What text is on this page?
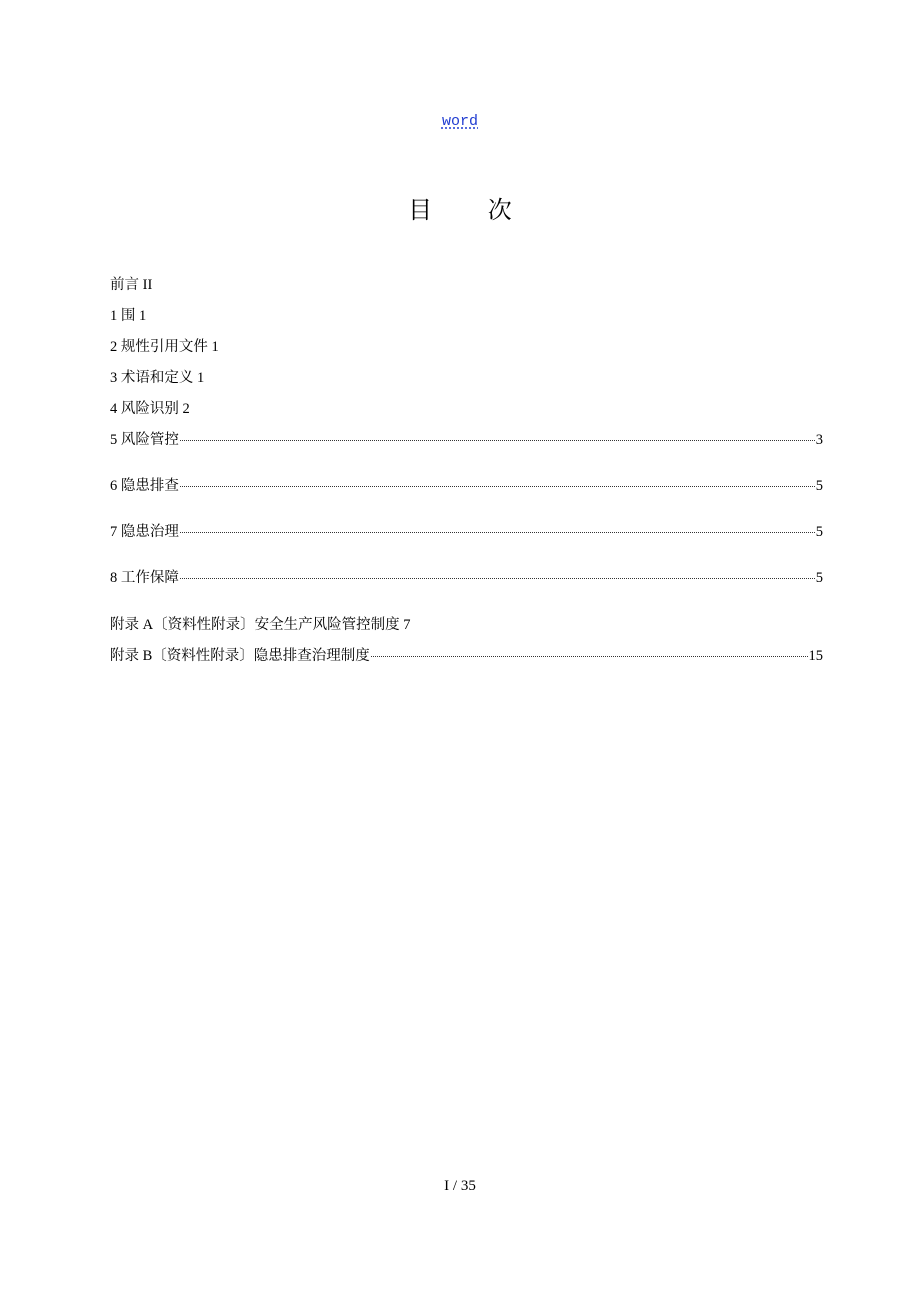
word
目 次
前言 II
1 围 1
2 规性引用文件 1
3 术语和定义 1
4 风险识别 2
5 风险管控	3
6 隐患排查	5
7 隐患治理	5
8 工作保障	5
附录 A〔资料性附录〕安全生产风险管控制度 7
附录 B〔资料性附录〕隐患排查治理制度	15
I / 35
